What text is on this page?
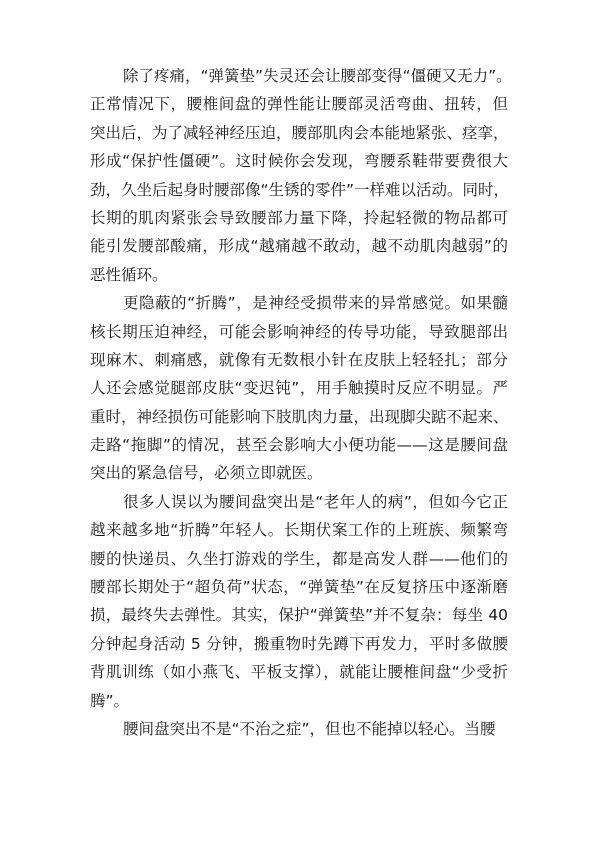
除了疼痛，“弹簧垫”失灵还会让腰部变得“僵硬又无力”。
正常情况下，腰椎间盘的弹性能让腰部灵活弯曲、扭转，但
突出后，为了减轻神经压迫，腰部肌肉会本能地紧张、痉挛，
形成“保护性僵硬”。这时候你会发现，弯腰系鞋带要费很大
劲，久坐后起身时腰部像“生锈的零件”一样难以活动。同时，
长期的肌肉紧张会导致腰部力量下降，拎起轻微的物品都可
能引发腰部酸痛，形成“越痛越不敢动，越不动肌肉越弱”的
恶性循环。
更隐蔽的“折腾”，是神经受损带来的异常感觉。如果髓
核长期压迫神经，可能会影响神经的传导功能，导致腿部出
现麻木、刺痛感，就像有无数根小针在皮肤上轻轻扎；部分
人还会感觉腿部皮肤“变迟钝”，用手触摸时反应不明显。严
重时，神经损伤可能影响下肢肌肉力量，出现脚尖踮不起来、
走路“拖脚”的情况，甚至会影响大小便功能——这是腰间盘
突出的紧急信号，必须立即就医。
很多人误以为腰间盘突出是“老年人的病”，但如今它正
越来越多地“折腾”年轻人。长期伏案工作的上班族、频繁弯
腰的快递员、久坐打游戏的学生，都是高发人群——他们的
腰部长期处于“超负荷”状态，“弹簧垫”在反复挤压中逐渐磨
损，最终失去弹性。其实，保护“弹簧垫”并不复杂：每坐 40
分钟起身活动 5 分钟，搬重物时先蹲下再发力，平时多做腰
背肌训练（如小燕飞、平板支撑），就能让腰椎间盘“少受折
腾”。
腰间盘突出不是“不治之症”，但也不能掉以轻心。当腰
